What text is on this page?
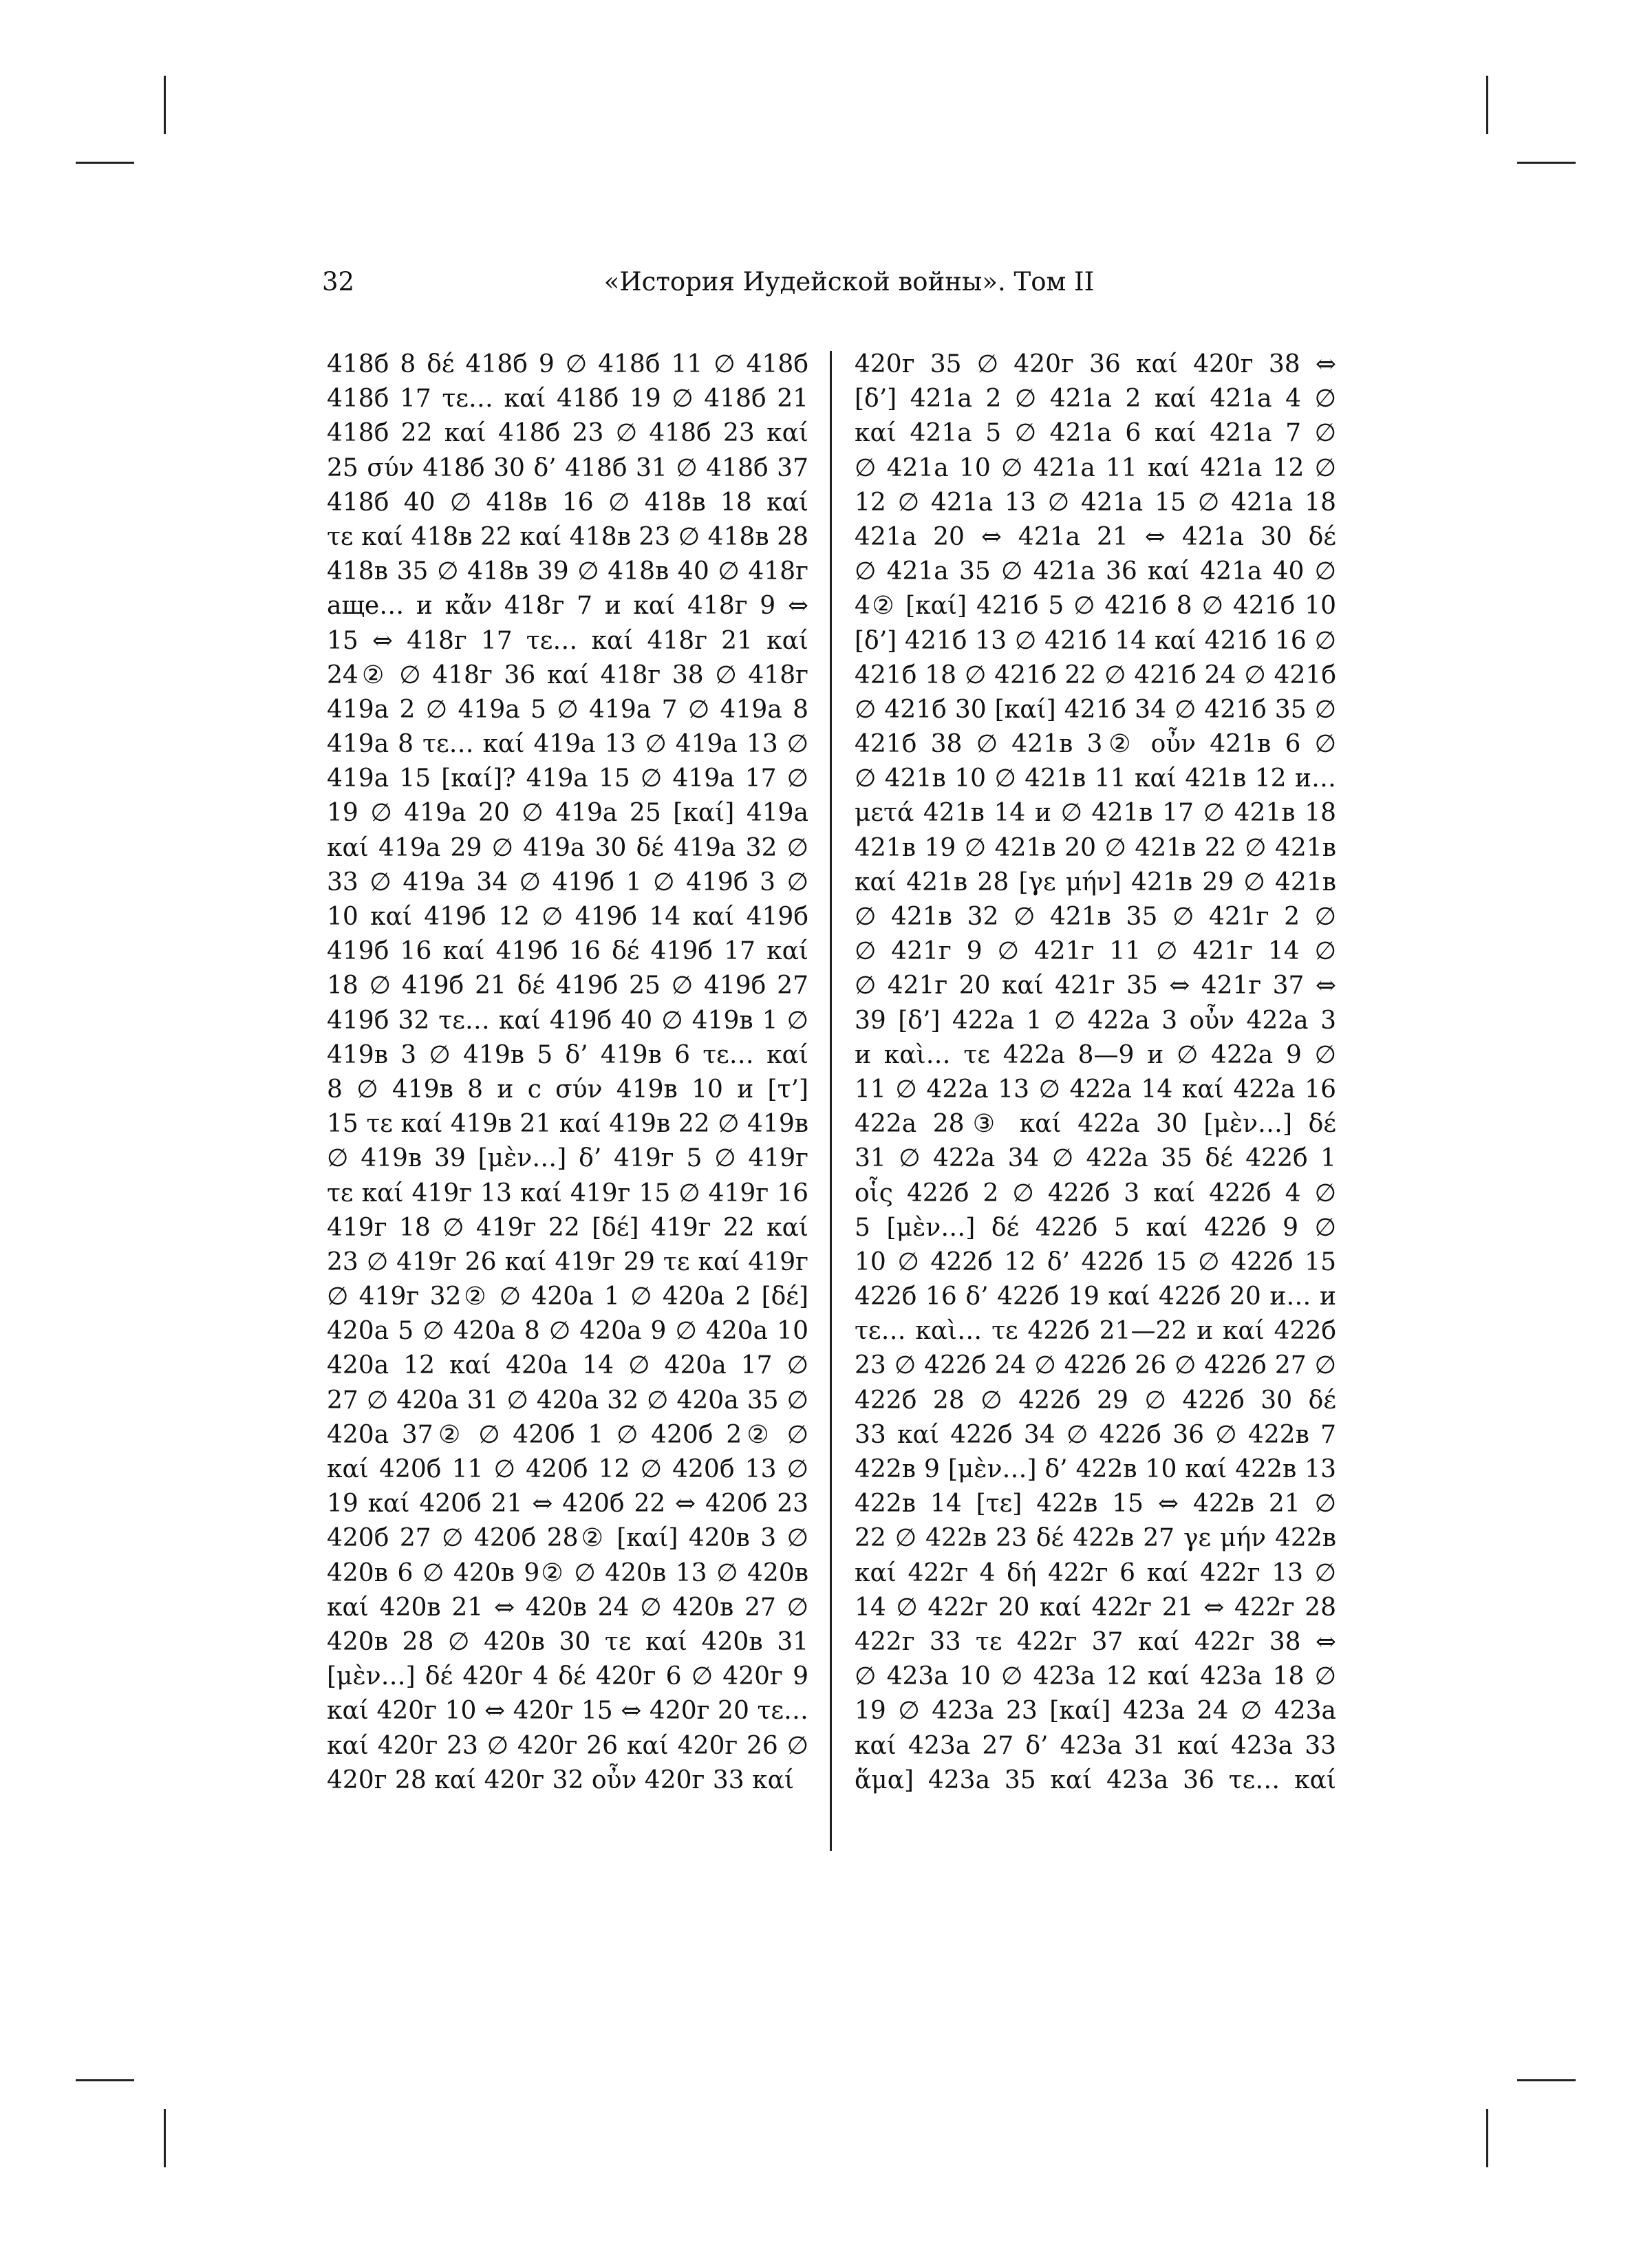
32	«История Иудейской войны». Том II
418б 8 δέ 418б 9 ∅ 418б 11 ∅ 418б
418б 17 τε… καί 418б 19 ∅ 418б 21
418б 22 καί 418б 23 ∅ 418б 23 καί
25 σύν 418б 30 δ’ 418б 31 ∅ 418б 37
418б 40 ∅ 418в 16 ∅ 418в 18 καί
τε καί 418в 22 καί 418в 23 ∅ 418в 28
418в 35 ∅ 418в 39 ∅ 418в 40 ∅ 418г
аще… и κἄν 418г 7 и καί 418г 9 ⇔
15 ⇔ 418г 17 τε… καί 418г 21 καί
24② ∅ 418г 36 καί 418г 38 ∅ 418г
419а 2 ∅ 419а 5 ∅ 419а 7 ∅ 419а 8
419а 8 τε… καί 419а 13 ∅ 419а 13 ∅
419а 15 [καί]? 419а 15 ∅ 419а 17 ∅
19 ∅ 419а 20 ∅ 419а 25 [καί] 419а
καί 419а 29 ∅ 419а 30 δέ 419а 32 ∅
33 ∅ 419а 34 ∅ 419б 1 ∅ 419б 3 ∅
10 καί 419б 12 ∅ 419б 14 καί 419б
419б 16 καί 419б 16 δέ 419б 17 καί
18 ∅ 419б 21 δέ 419б 25 ∅ 419б 27
419б 32 τε… καί 419б 40 ∅ 419в 1 ∅
419в 3 ∅ 419в 5 δ’ 419в 6 τε… καί
8 ∅ 419в 8 и с σύν 419в 10 и [τ’]
15 τε καί 419в 21 καί 419в 22 ∅ 419в
∅ 419в 39 [μὲν…] δ’ 419г 5 ∅ 419г
τε καί 419г 13 καί 419г 15 ∅ 419г 16
419г 18 ∅ 419г 22 [δέ] 419г 22 καί
23 ∅ 419г 26 καί 419г 29 τε καί 419г
∅ 419г 32② ∅ 420а 1 ∅ 420а 2 [δέ]
420а 5 ∅ 420а 8 ∅ 420а 9 ∅ 420а 10
420а 12 καί 420а 14 ∅ 420а 17 ∅
27 ∅ 420а 31 ∅ 420а 32 ∅ 420а 35 ∅
420а 37② ∅ 420б 1 ∅ 420б 2② ∅
καί 420б 11 ∅ 420б 12 ∅ 420б 13 ∅
19 καί 420б 21 ⇔ 420б 22 ⇔ 420б 23
420б 27 ∅ 420б 28② [καί] 420в 3 ∅
420в 6 ∅ 420в 9② ∅ 420в 13 ∅ 420в
καί 420в 21 ⇔ 420в 24 ∅ 420в 27 ∅
420в 28 ∅ 420в 30 τε καί 420в 31
[μὲν…] δέ 420г 4 δέ 420г 6 ∅ 420г 9
καί 420г 10 ⇔ 420г 15 ⇔ 420г 20 τε…
καί 420г 23 ∅ 420г 26 καί 420г 26 ∅
420г 28 καί 420г 32 οὖν 420г 33 καί
420г 35 ∅ 420г 36 καί 420г 38 ⇔
[δ’] 421а 2 ∅ 421а 2 καί 421а 4 ∅
καί 421а 5 ∅ 421а 6 καί 421а 7 ∅
∅ 421а 10 ∅ 421а 11 καί 421а 12 ∅
12 ∅ 421а 13 ∅ 421а 15 ∅ 421а 18
421а 20 ⇔ 421а 21 ⇔ 421а 30 δέ
∅ 421а 35 ∅ 421а 36 καί 421а 40 ∅
4② [καί] 421б 5 ∅ 421б 8 ∅ 421б 10
[δ’] 421б 13 ∅ 421б 14 καί 421б 16 ∅
421б 18 ∅ 421б 22 ∅ 421б 24 ∅ 421б
∅ 421б 30 [καί] 421б 34 ∅ 421б 35 ∅
421б 38 ∅ 421в 3② οὖν 421в 6 ∅
∅ 421в 10 ∅ 421в 11 καί 421в 12 и…
μετά 421в 14 и ∅ 421в 17 ∅ 421в 18
421в 19 ∅ 421в 20 ∅ 421в 22 ∅ 421в
καί 421в 28 [γε μήν] 421в 29 ∅ 421в
∅ 421в 32 ∅ 421в 35 ∅ 421г 2 ∅
∅ 421г 9 ∅ 421г 11 ∅ 421г 14 ∅
∅ 421г 20 καί 421г 35 ⇔ 421г 37 ⇔
39 [δ’] 422а 1 ∅ 422а 3 οὖν 422а 3
и καὶ… τε 422а 8—9 и ∅ 422а 9 ∅
11 ∅ 422а 13 ∅ 422а 14 καί 422а 16
422а 28③ καί 422а 30 [μὲν…] δέ
31 ∅ 422а 34 ∅ 422а 35 δέ 422б 1
οἷς 422б 2 ∅ 422б 3 καί 422б 4 ∅
5 [μὲν…] δέ 422б 5 καί 422б 9 ∅
10 ∅ 422б 12 δ’ 422б 15 ∅ 422б 15
422б 16 δ’ 422б 19 καί 422б 20 и… и
τε… καὶ… τε 422б 21—22 и καί 422б
23 ∅ 422б 24 ∅ 422б 26 ∅ 422б 27 ∅
422б 28 ∅ 422б 29 ∅ 422б 30 δέ
33 καί 422б 34 ∅ 422б 36 ∅ 422в 7
422в 9 [μὲν…] δ’ 422в 10 καί 422в 13
422в 14 [τε] 422в 15 ⇔ 422в 21 ∅
22 ∅ 422в 23 δέ 422в 27 γε μήν 422в
καί 422г 4 δή 422г 6 καί 422г 13 ∅
14 ∅ 422г 20 καί 422г 21 ⇔ 422г 28
422г 33 τε 422г 37 καί 422г 38 ⇔
∅ 423а 10 ∅ 423а 12 καί 423а 18 ∅
19 ∅ 423а 23 [καί] 423а 24 ∅ 423а
καί 423а 27 δ’ 423а 31 καί 423а 33
ἅμα] 423а 35 καί 423а 36 τε… καί
